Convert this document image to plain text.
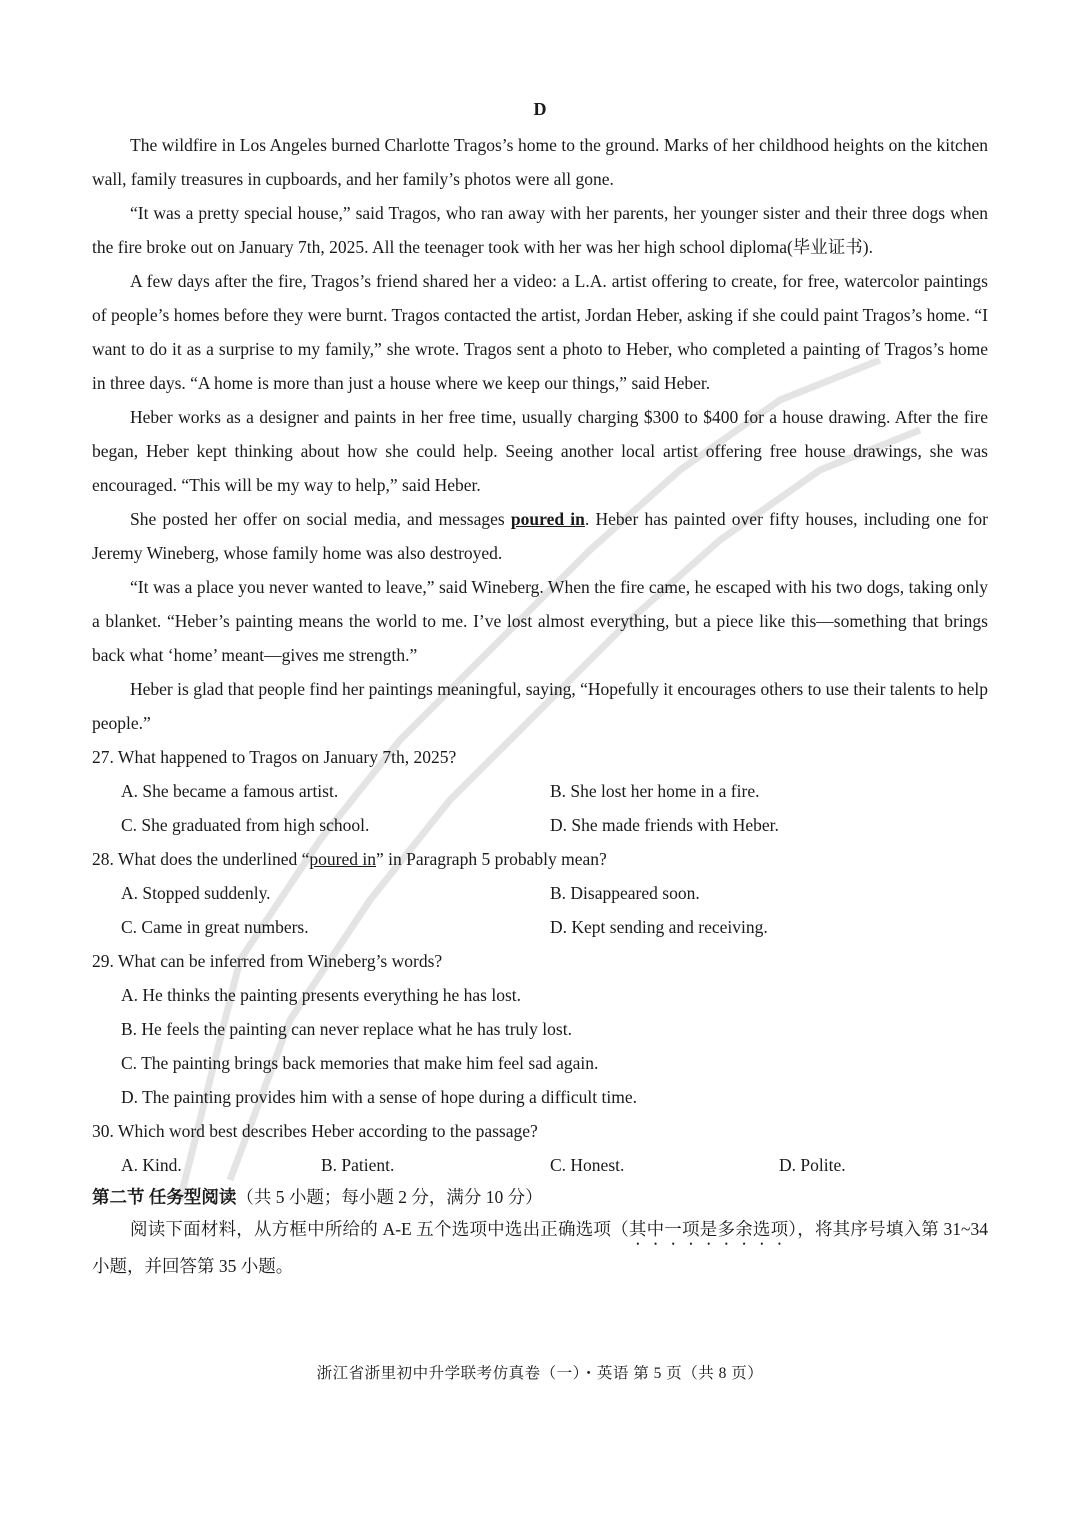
D

The wildfire in Los Angeles burned Charlotte Tragos’s home to the ground. Marks of her childhood heights on the kitchen wall, family treasures in cupboards, and her family’s photos were all gone.

“It was a pretty special house,” said Tragos, who ran away with her parents, her younger sister and their three dogs when the fire broke out on January 7th, 2025. All the teenager took with her was her high school diploma(毕业证书).

A few days after the fire, Tragos’s friend shared her a video: a L.A. artist offering to create, for free, watercolor paintings of people’s homes before they were burnt. Tragos contacted the artist, Jordan Heber, asking if she could paint Tragos’s home. “I want to do it as a surprise to my family,” she wrote. Tragos sent a photo to Heber, who completed a painting of Tragos’s home in three days. “A home is more than just a house where we keep our things,” said Heber.

Heber works as a designer and paints in her free time, usually charging $300 to $400 for a house drawing. After the fire began, Heber kept thinking about how she could help. Seeing another local artist offering free house drawings, she was encouraged. “This will be my way to help,” said Heber.

She posted her offer on social media, and messages poured in. Heber has painted over fifty houses, including one for Jeremy Wineberg, whose family home was also destroyed.

“It was a place you never wanted to leave,” said Wineberg. When the fire came, he escaped with his two dogs, taking only a blanket. “Heber’s painting means the world to me. I’ve lost almost everything, but a piece like this—something that brings back what ‘home’ meant—gives me strength.”

Heber is glad that people find her paintings meaningful, saying, “Hopefully it encourages others to use their talents to help people.”

27. What happened to Tragos on January 7th, 2025?
A. She became a famous artist.	B. She lost her home in a fire.
C. She graduated from high school.	D. She made friends with Heber.
28. What does the underlined “poured in” in Paragraph 5 probably mean?
A. Stopped suddenly.	B. Disappeared soon.
C. Came in great numbers.	D. Kept sending and receiving.
29. What can be inferred from Wineberg’s words?
A. He thinks the painting presents everything he has lost.
B. He feels the painting can never replace what he has truly lost.
C. The painting brings back memories that make him feel sad again.
D. The painting provides him with a sense of hope during a difficult time.
30. Which word best describes Heber according to the passage?
A. Kind.	B. Patient.	C. Honest.	D. Polite.
第二节 任务型阅读（共 5 小题；每小题 2 分，满分 10 分）

阅读下面材料，从方框中所给的 A-E 五个选项中选出正确选项（其中一项是多余选项），将其序号填入第 31~34 小题，并回答第 35 小题。

浙江省浙里初中升学联考仿真卷（一）・英语 第 5 页（共 8 页）
